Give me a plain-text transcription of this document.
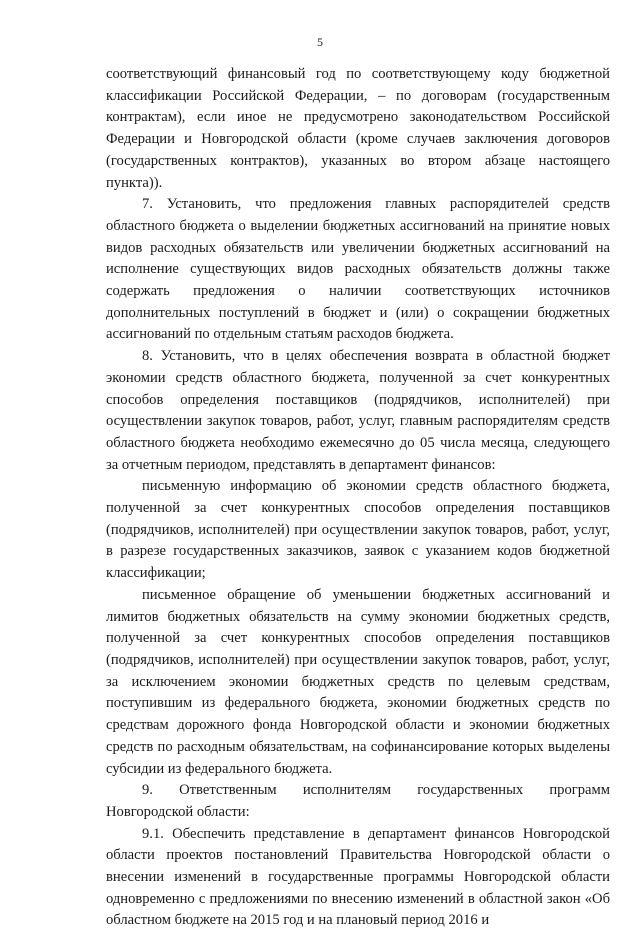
5

соответствующий финансовый год по соответствующему коду бюджетной классификации Российской Федерации, – по договорам (государственным контрактам), если иное не предусмотрено законодательством Российской Федерации и Новгородской области (кроме случаев заключения договоров (государственных контрактов), указанных во втором абзаце настоящего пункта)).

7. Установить, что предложения главных распорядителей средств областного бюджета о выделении бюджетных ассигнований на принятие новых видов расходных обязательств или увеличении бюджетных ассигнований на исполнение существующих видов расходных обязательств должны также содержать предложения о наличии соответствующих источников дополнительных поступлений в бюджет и (или) о сокращении бюджетных ассигнований по отдельным статьям расходов бюджета.

8. Установить, что в целях обеспечения возврата в областной бюджет экономии средств областного бюджета, полученной за счет конкурентных способов определения поставщиков (подрядчиков, исполнителей) при осуществлении закупок товаров, работ, услуг, главным распорядителям средств областного бюджета необходимо ежемесячно до 05 числа месяца, следующего за отчетным периодом, представлять в департамент финансов:

письменную информацию об экономии средств областного бюджета, полученной за счет конкурентных способов определения поставщиков (подрядчиков, исполнителей) при осуществлении закупок товаров, работ, услуг, в разрезе государственных заказчиков, заявок с указанием кодов бюджетной классификации;

письменное обращение об уменьшении бюджетных ассигнований и лимитов бюджетных обязательств на сумму экономии бюджетных средств, полученной за счет конкурентных способов определения поставщиков (подрядчиков, исполнителей) при осуществлении закупок товаров, работ, услуг, за исключением экономии бюджетных средств по целевым средствам, поступившим из федерального бюджета, экономии бюджетных средств по средствам дорожного фонда Новгородской области и экономии бюджетных средств по расходным обязательствам, на софинансирование которых выделены субсидии из федерального бюджета.

9. Ответственным исполнителям государственных программ Новгородской области:

9.1. Обеспечить представление в департамент финансов Новгородской области проектов постановлений Правительства Новгородской области о внесении изменений в государственные программы Новгородской области одновременно с предложениями по внесению изменений в областной закон «Об областном бюджете на 2015 год и на плановый период 2016 и
